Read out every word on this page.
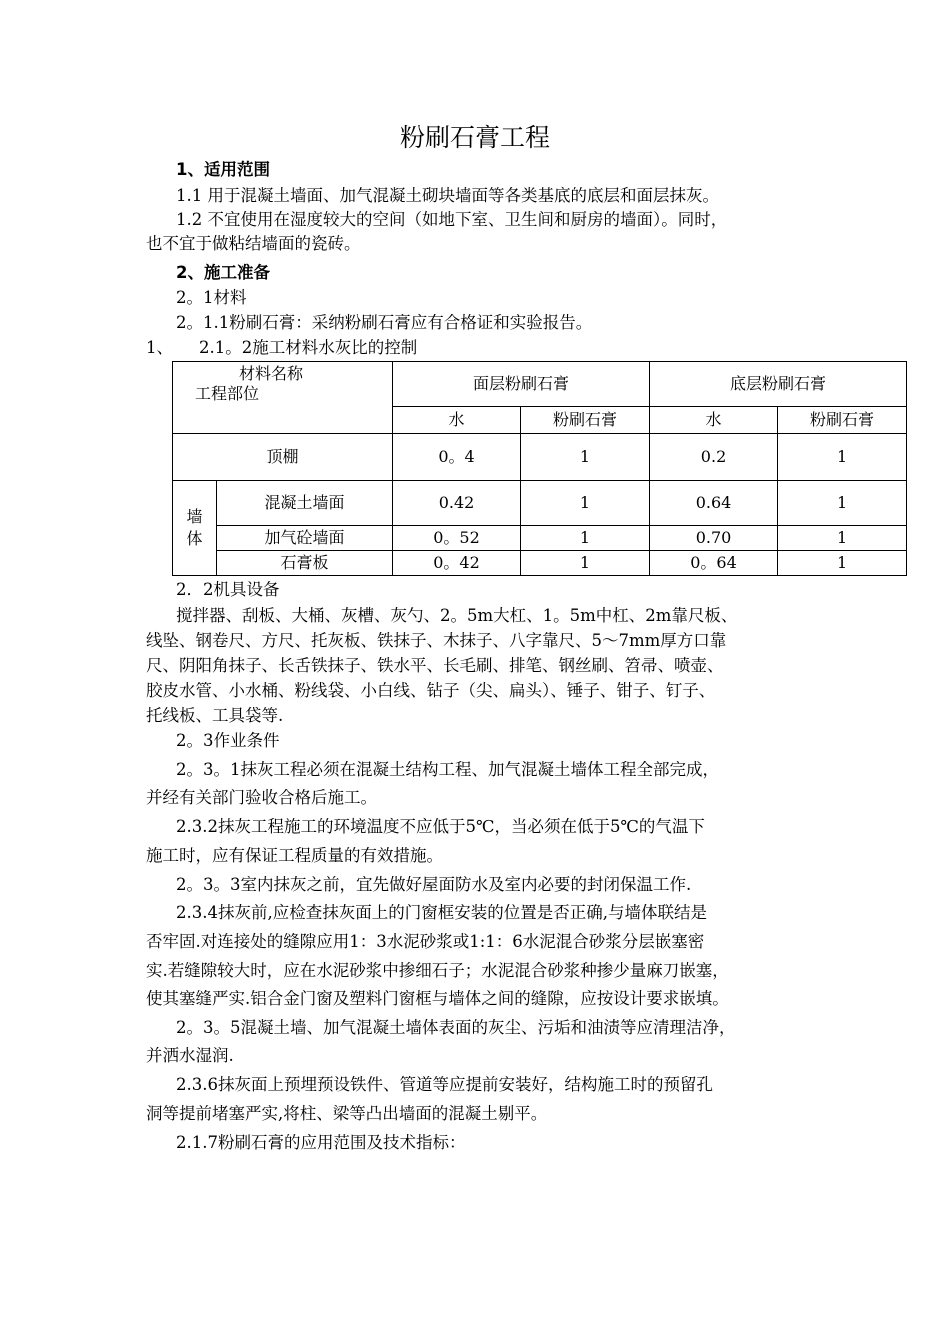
粉刷石膏工程
1、适用范围
1.1 用于混凝土墙面、加气混凝土砌块墙面等各类基底的底层和面层抹灰。
1.2 不宜使用在湿度较大的空间（如地下室、卫生间和厨房的墙面）。同时，
也不宜于做粘结墙面的瓷砖。
2、施工准备
2。1材料
2。1.1粉刷石膏：采纳粉刷石膏应有合格证和实验报告。
1、 2.1。2施工材料水灰比的控制
材料名称
工程部位		面层粉刷石膏		底层粉刷石膏	
		水	粉刷石膏	水	粉刷石膏
顶棚		0。4	1	0.2	1

墙
体	混凝土墙面	0.42	1	0.64	1
	加气砼墙面	0。52	1	0.70	1
	石膏板	0。42	1	0。64	1
2．2机具设备
搅拌器、刮板、大桶、灰槽、灰勺、2。5m大杠、1。5m中杠、2m靠尺板、
线坠、钢卷尺、方尺、托灰板、铁抹子、木抹子、八字靠尺、5～7mm厚方口靠
尺、阴阳角抹子、长舌铁抹子、铁水平、长毛刷、排笔、钢丝刷、笤帚、喷壶、
胶皮水管、小水桶、粉线袋、小白线、钻子（尖、扁头）、锤子、钳子、钉子、
托线板、工具袋等.
2。3作业条件
2。3。1抹灰工程必须在混凝土结构工程、加气混凝土墙体工程全部完成，
并经有关部门验收合格后施工。
2.3.2抹灰工程施工的环境温度不应低于5℃，当必须在低于5℃的气温下
施工时，应有保证工程质量的有效措施。
2。3。3室内抹灰之前，宜先做好屋面防水及室内必要的封闭保温工作.
2.3.4抹灰前,应检查抹灰面上的门窗框安装的位置是否正确,与墙体联结是
否牢固.对连接处的缝隙应用1：3水泥砂浆或1:1：6水泥混合砂浆分层嵌塞密
实.若缝隙较大时，应在水泥砂浆中掺细石子；水泥混合砂浆种掺少量麻刀嵌塞，
使其塞缝严实.铝合金门窗及塑料门窗框与墙体之间的缝隙，应按设计要求嵌填。
2。3。5混凝土墙、加气混凝土墙体表面的灰尘、污垢和油渍等应清理洁净，
并洒水湿润.
2.3.6抹灰面上预埋预设铁件、管道等应提前安装好，结构施工时的预留孔
洞等提前堵塞严实,将柱、梁等凸出墙面的混凝土剔平。
2.1.7粉刷石膏的应用范围及技术指标：
